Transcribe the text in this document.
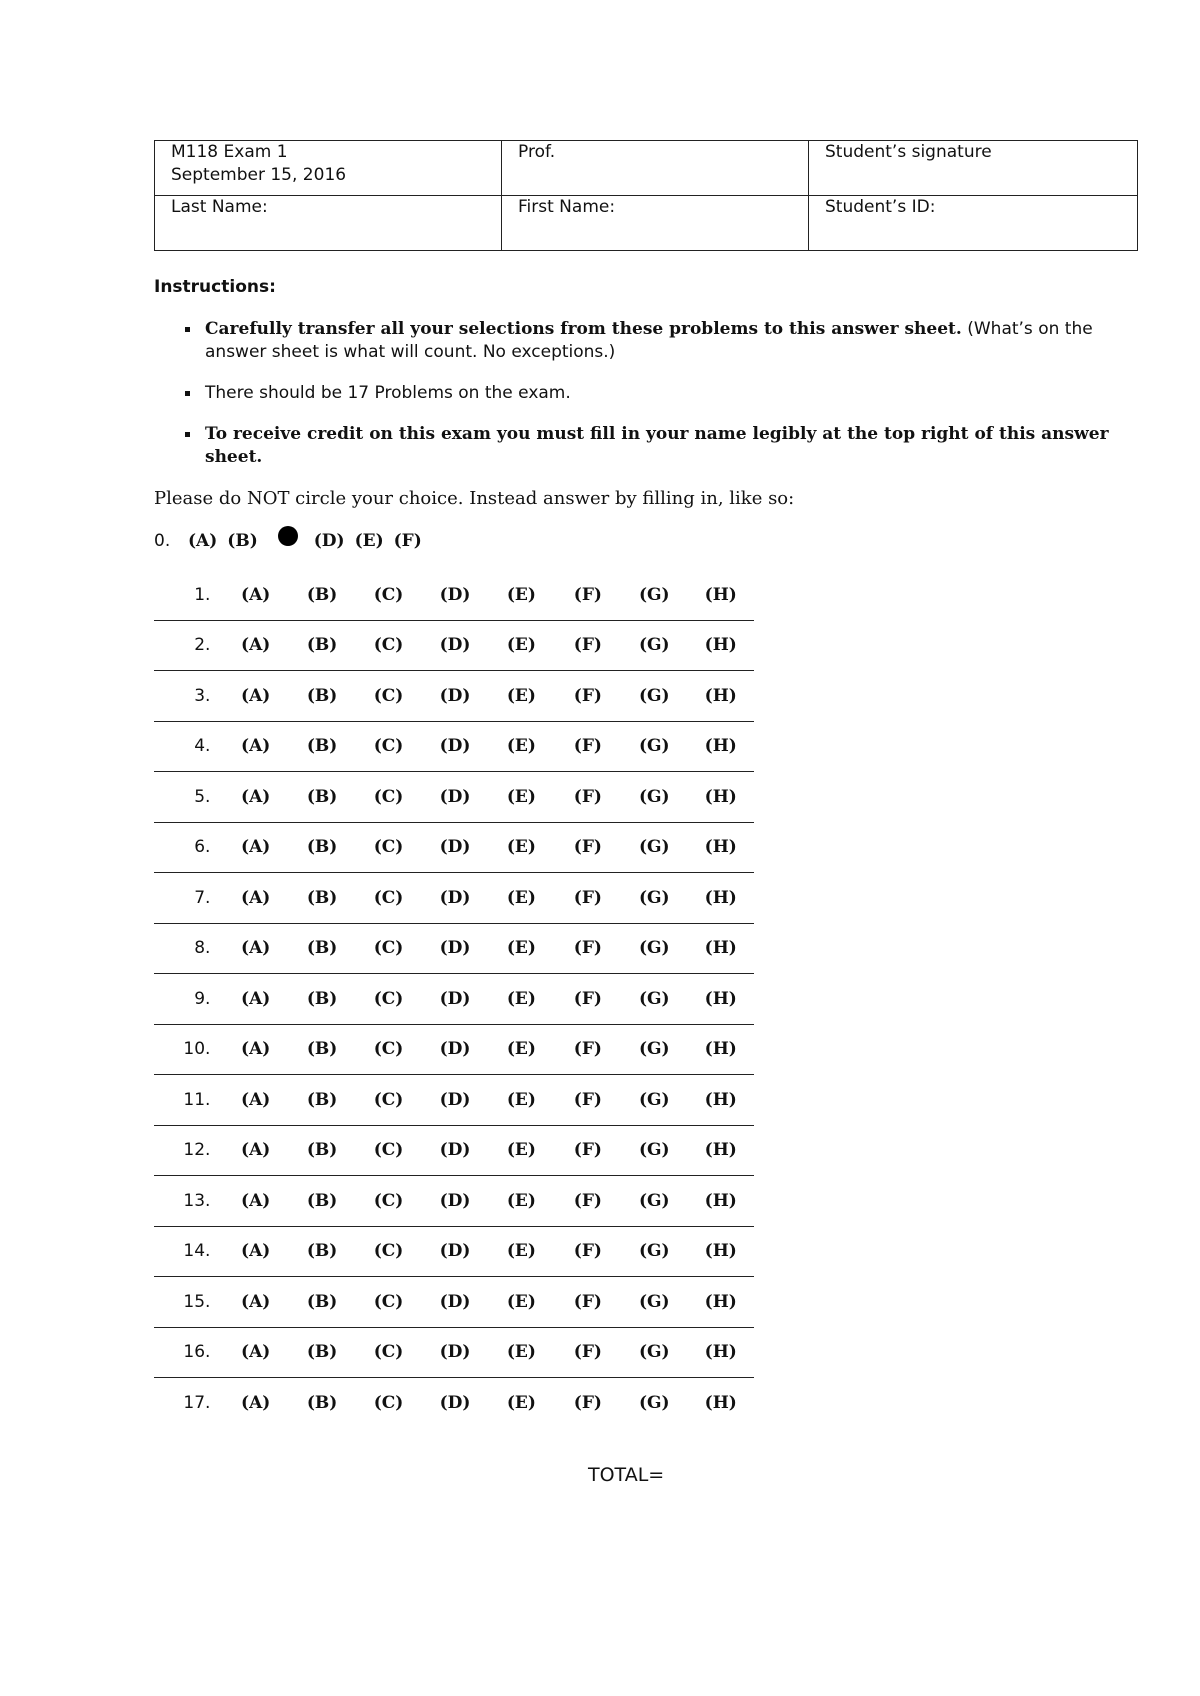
M118 Exam 1
September 15, 2016	Prof.	Student’s signature

Last Name:	First Name:	Student’s ID:
Instructions:
Carefully transfer all your selections from these problems to this answer sheet. (What’s on the answer sheet is what will count. No exceptions.)
There should be 17 Problems on the exam.
To receive credit on this exam you must fill in your name legibly at the top right of this answer sheet.
Please do NOT circle your choice. Instead answer by filling in, like so:
0.	(A) (B)	(D) (E) (F)
1.	(A)	(B)	(C)	(D)	(E)	(F)	(G)	(H)
2.	(A)	(B)	(C)	(D)	(E)	(F)	(G)	(H)
3.	(A)	(B)	(C)	(D)	(E)	(F)	(G)	(H)
4.	(A)	(B)	(C)	(D)	(E)	(F)	(G)	(H)
5.	(A)	(B)	(C)	(D)	(E)	(F)	(G)	(H)
6.	(A)	(B)	(C)	(D)	(E)	(F)	(G)	(H)
7.	(A)	(B)	(C)	(D)	(E)	(F)	(G)	(H)
8.	(A)	(B)	(C)	(D)	(E)	(F)	(G)	(H)
9.	(A)	(B)	(C)	(D)	(E)	(F)	(G)	(H)
10.	(A)	(B)	(C)	(D)	(E)	(F)	(G)	(H)
11.	(A)	(B)	(C)	(D)	(E)	(F)	(G)	(H)
12.	(A)	(B)	(C)	(D)	(E)	(F)	(G)	(H)
13.	(A)	(B)	(C)	(D)	(E)	(F)	(G)	(H)
14.	(A)	(B)	(C)	(D)	(E)	(F)	(G)	(H)
15.	(A)	(B)	(C)	(D)	(E)	(F)	(G)	(H)
16.	(A)	(B)	(C)	(D)	(E)	(F)	(G)	(H)
17.	(A)	(B)	(C)	(D)	(E)	(F)	(G)	(H)
TOTAL=
